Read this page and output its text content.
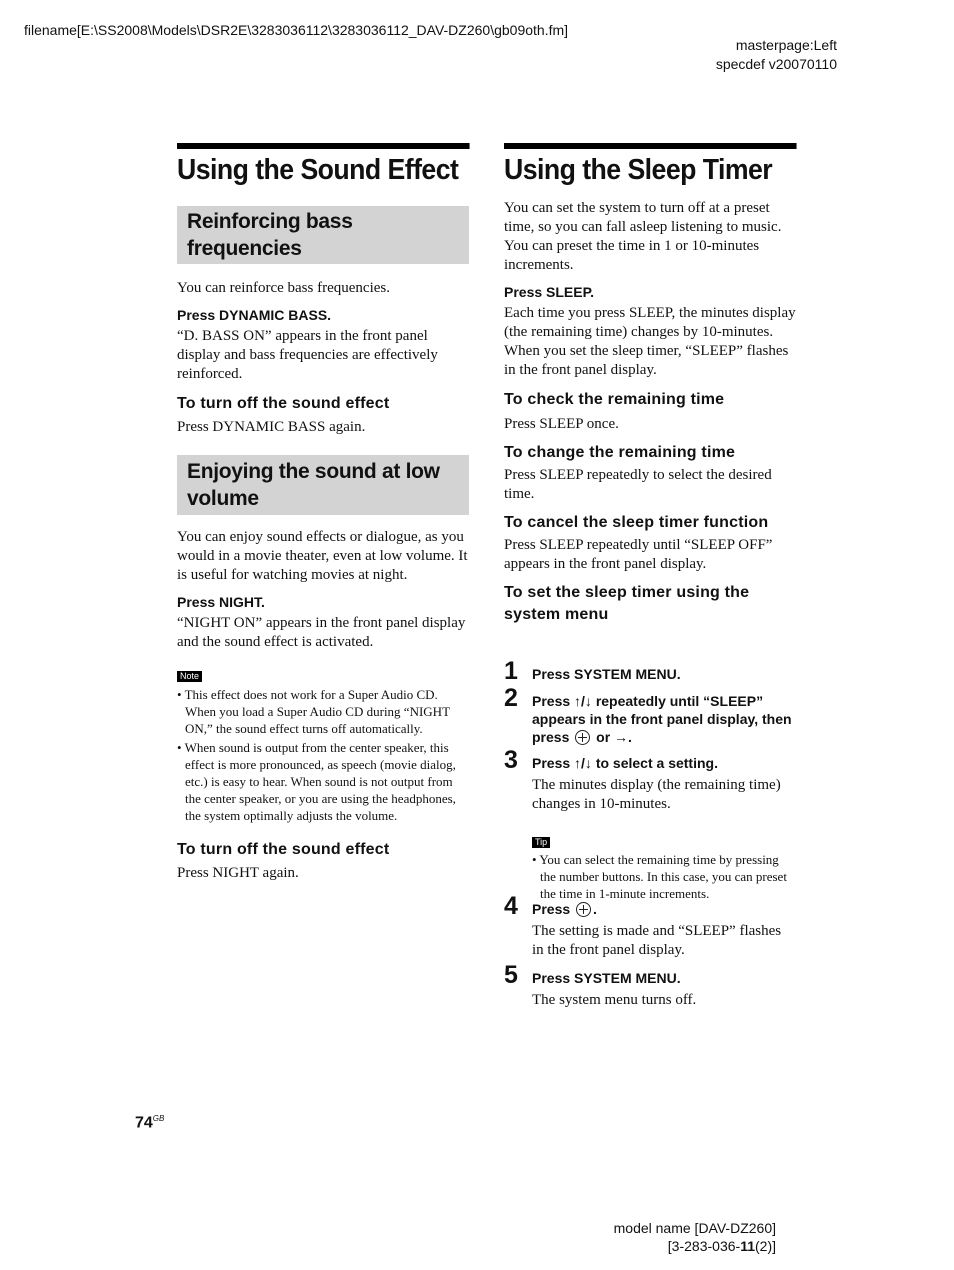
filename[E:\SS2008\Models\DSR2E\3283036112\3283036112_DAV-DZ260\gb09oth.fm]
masterpage:Left
specdef v20070110
Using the Sound Effect
Reinforcing bass frequencies

You can reinforce bass frequencies.

Press DYNAMIC BASS.

“D. BASS ON” appears in the front panel display and bass frequencies are effectively reinforced.

To turn off the sound effect

Press DYNAMIC BASS again.

Enjoying the sound at low volume

You can enjoy sound effects or dialogue, as you would in a movie theater, even at low volume. It is useful for watching movies at night.

Press NIGHT.

“NIGHT ON” appears in the front panel display and the sound effect is activated.

Note

• This effect does not work for a Super Audio CD. When you load a Super Audio CD during “NIGHT ON,” the sound effect turns off automatically.

• When sound is output from the center speaker, this effect is more pronounced, as speech (movie dialog, etc.) is easy to hear. When sound is not output from the center speaker, or you are using the headphones, the system optimally adjusts the volume.

To turn off the sound effect

Press NIGHT again.

Using the Sleep Timer

You can set the system to turn off at a preset time, so you can fall asleep listening to music. You can preset the time in 1 or 10-minutes increments.

Press SLEEP.

Each time you press SLEEP, the minutes display (the remaining time) changes by 10-minutes. When you set the sleep timer, “SLEEP” flashes in the front panel display.

To check the remaining time

Press SLEEP once.

To change the remaining time

Press SLEEP repeatedly to select the desired time.

To cancel the sleep timer function

Press SLEEP repeatedly until “SLEEP OFF” appears in the front panel display.

To set the sleep timer using the system menu

1 Press SYSTEM MENU.

2 Press ↑/↓ repeatedly until “SLEEP” appears in the front panel display, then press  or →.

3 Press ↑/↓ to select a setting.

The minutes display (the remaining time) changes in 10-minutes.

Tip

• You can select the remaining time by pressing the number buttons. In this case, you can preset the time in 1-minute increments.

4 Press .

The setting is made and “SLEEP” flashes in the front panel display.

5 Press SYSTEM MENU.

The system menu turns off.

$74^{GB}$
model name [DAV-DZ260]
[3-283-036-11(2)]
